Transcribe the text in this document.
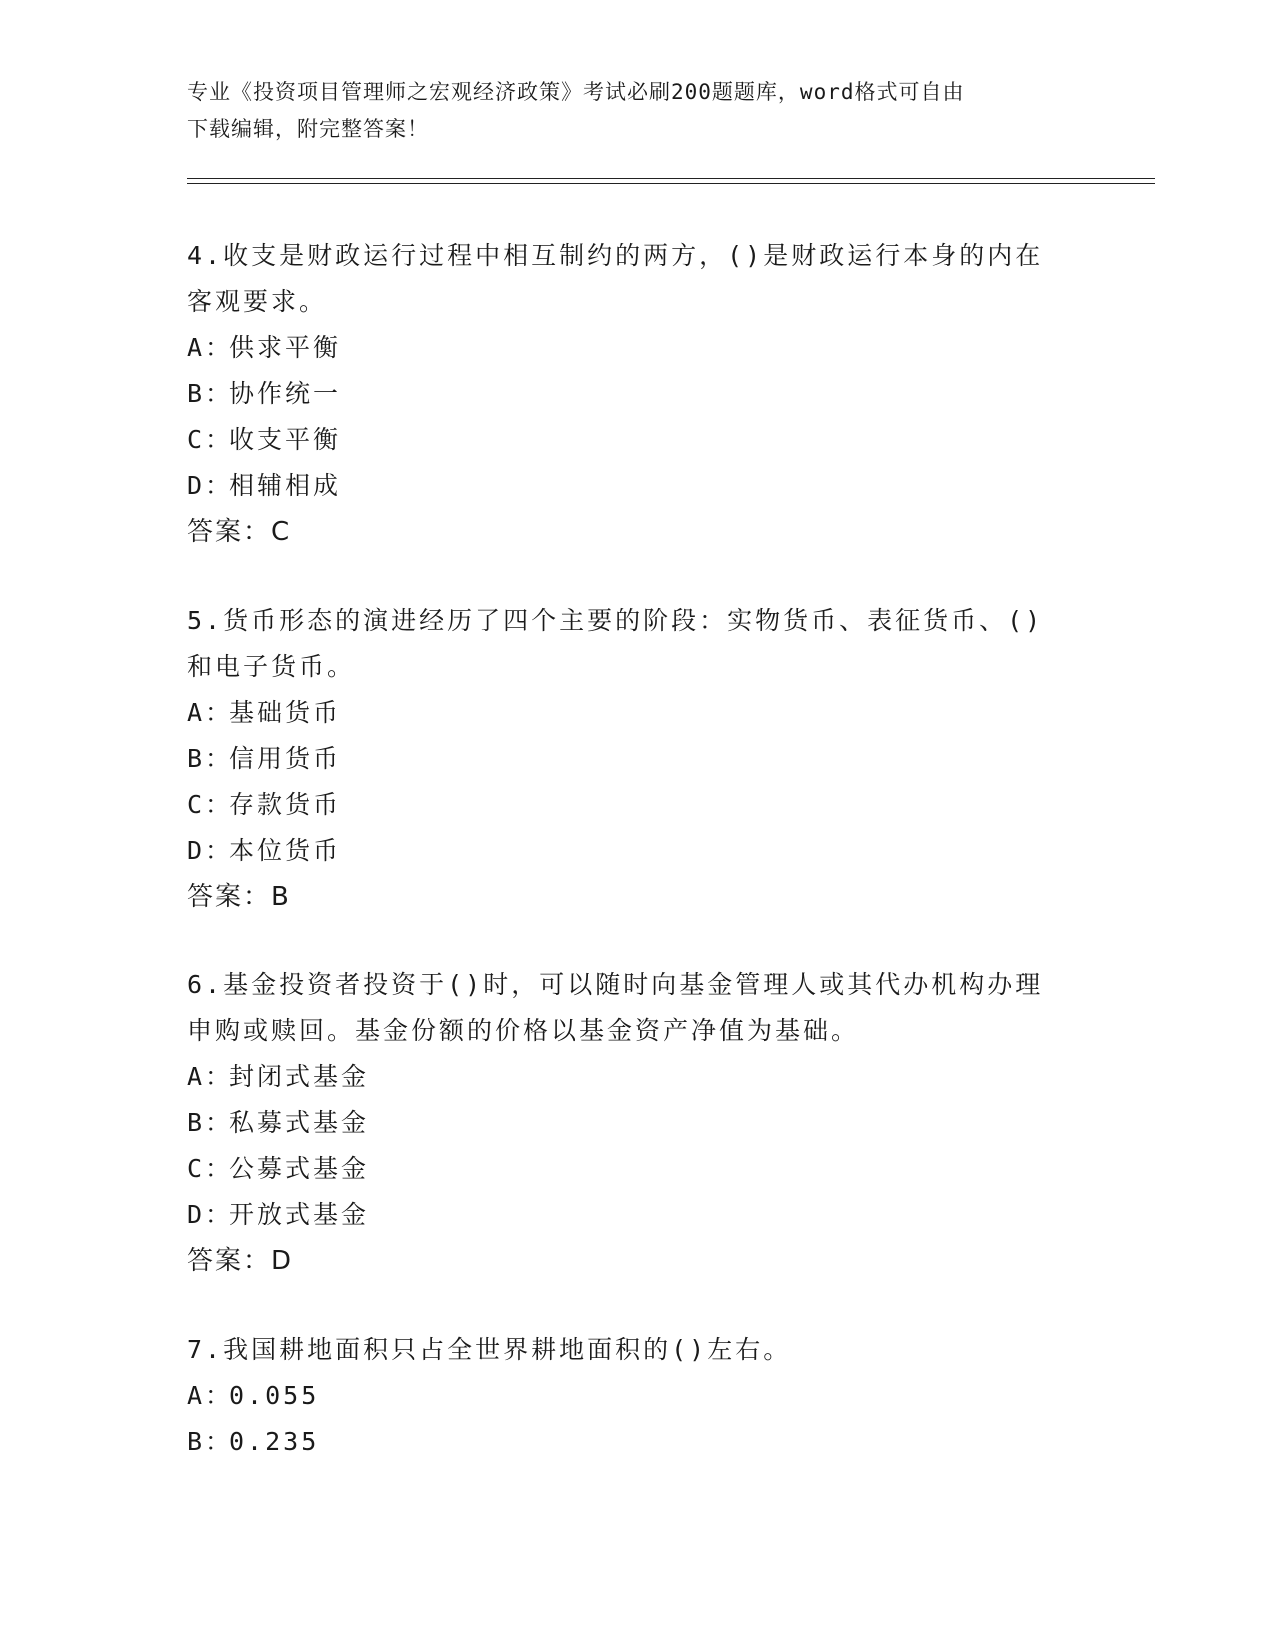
专业《投资项目管理师之宏观经济政策》考试必刷200题题库，word格式可自由
下载编辑，附完整答案！
4.收支是财政运行过程中相互制约的两方，()是财政运行本身的内在
客观要求。
A：
供求平衡
B：
协作统一
C：
收支平衡
D：
相辅相成
答案：C
5.货币形态的演进经历了四个主要的阶段：实物货币、表征货币、()
和电子货币。
A：
基础货币
B：
信用货币
C：
存款货币
D：
本位货币
答案：B
6.基金投资者投资于()时，可以随时向基金管理人或其代办机构办理
申购或赎回。基金份额的价格以基金资产净值为基础。
A：
封闭式基金
B：
私募式基金
C：
公募式基金
D：
开放式基金
答案：D
7.我国耕地面积只占全世界耕地面积的()左右。
A：
0.055
B：
0.235
